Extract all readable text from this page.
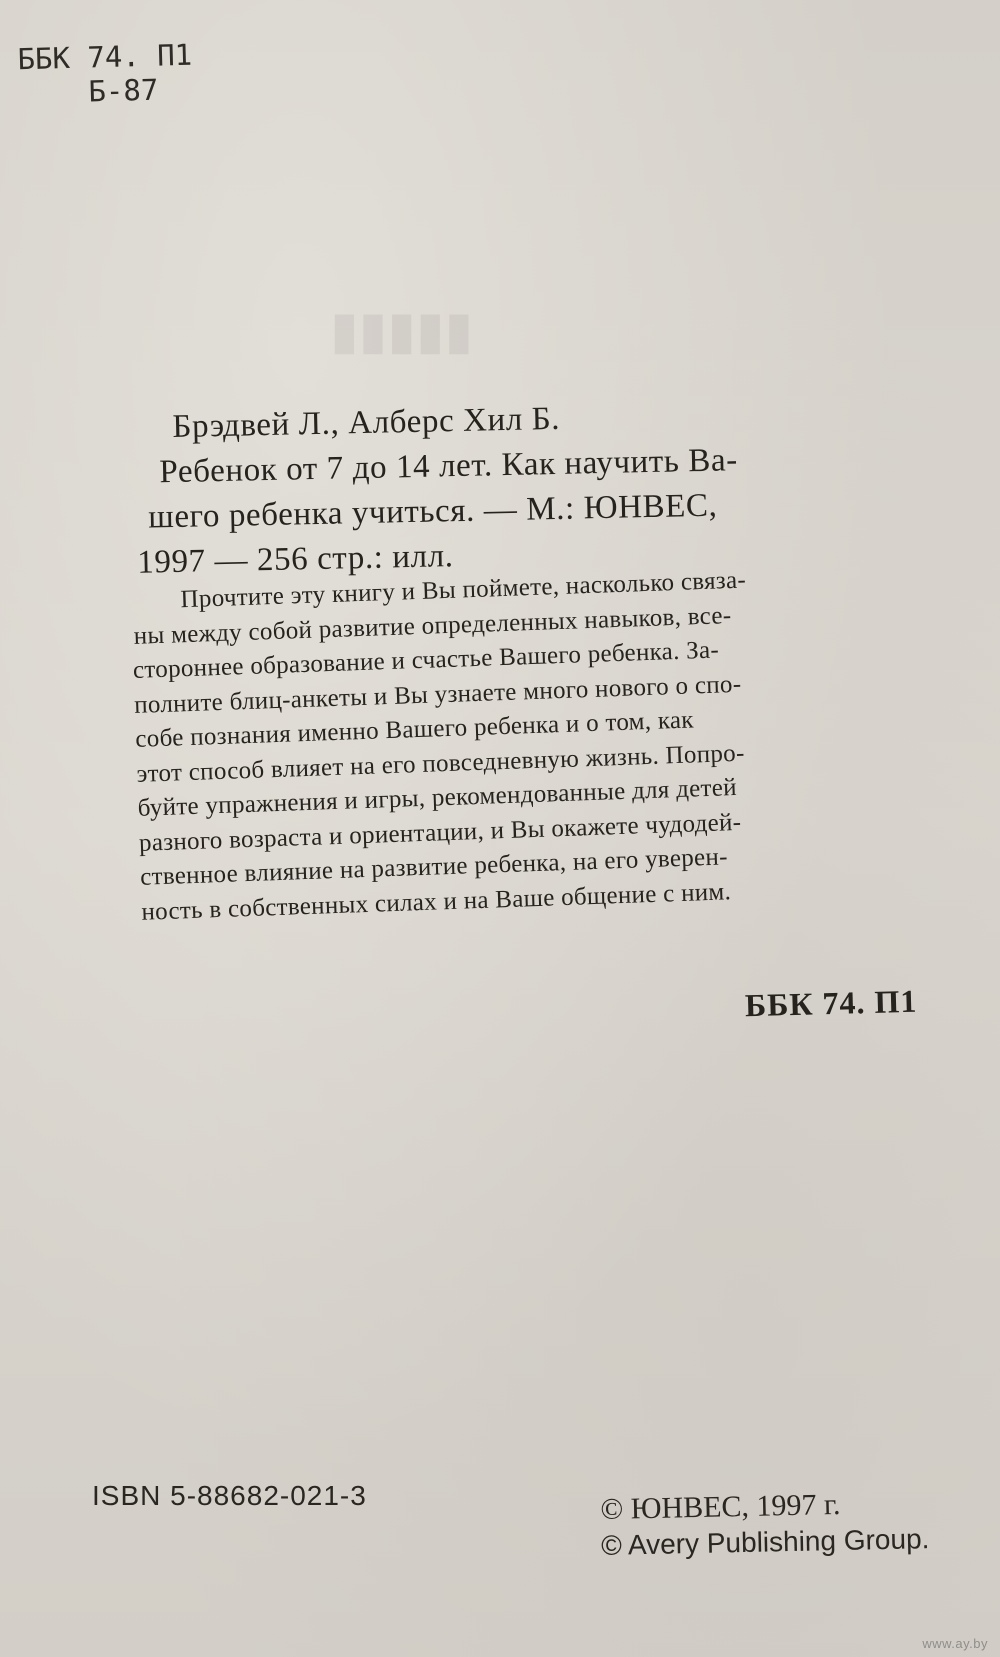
▮▮▮▮▮
ББК 74. П1
Б-87
Брэдвей Л., Алберс Хил Б.
Ребенок от 7 до 14 лет. Как научить Ва-
шего ребенка учиться. — М.: ЮНВЕС,
1997 — 256 стр.: илл.
Прочтите эту книгу и Вы поймете, насколько связа-
ны между собой развитие определенных навыков, все-
стороннее образование и счастье Вашего ребенка. За-
полните блиц-анкеты и Вы узнаете много нового о спо-
собе познания именно Вашего ребенка и о том, как
этот способ влияет на его повседневную жизнь. Попро-
буйте упражнения и игры, рекомендованные для детей
разного возраста и ориентации, и Вы окажете чудодей-
ственное влияние на развитие ребенка, на его уверен-
ность в собственных силах и на Ваше общение с ним.
ББК 74. П1
ISBN 5-88682-021-3	© ЮНВЕС, 1997 г.
© Avery Publishing Group.
www.ay.by
